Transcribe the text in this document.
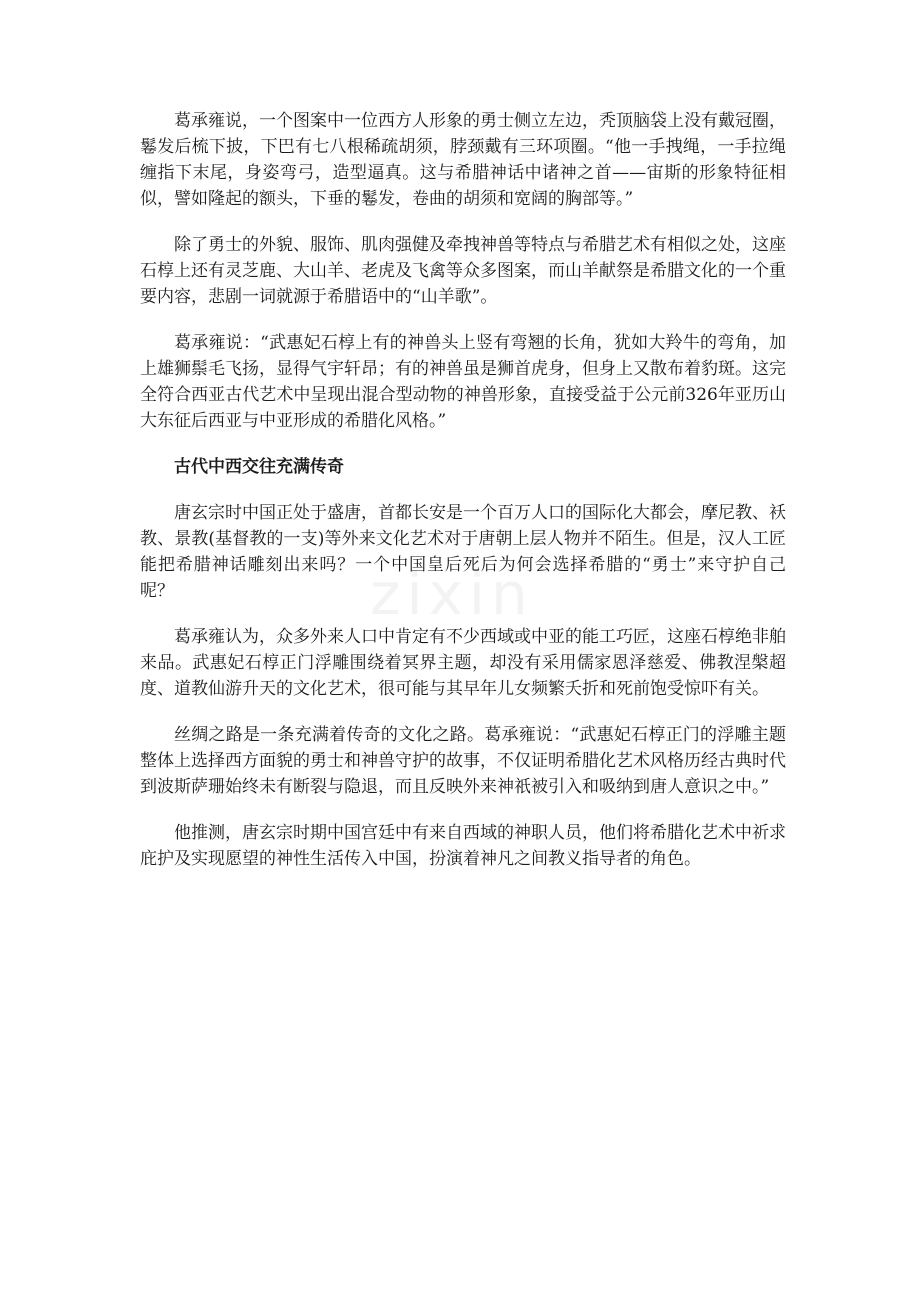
zixin

葛承雍说，一个图案中一位西方人形象的勇士侧立左边，秃顶脑袋上没有戴冠圈，鬈发后梳下披，下巴有七八根稀疏胡须，脖颈戴有三环项圈。“他一手拽绳，一手拉绳缠指下末尾，身姿弯弓，造型逼真。这与希腊神话中诸神之首——宙斯的形象特征相似，譬如隆起的额头，下垂的鬈发，卷曲的胡须和宽阔的胸部等。”

除了勇士的外貌、服饰、肌肉强健及牵拽神兽等特点与希腊艺术有相似之处，这座石椁上还有灵芝鹿、大山羊、老虎及飞禽等众多图案，而山羊献祭是希腊文化的一个重要内容，悲剧一词就源于希腊语中的“山羊歌”。

葛承雍说：“武惠妃石椁上有的神兽头上竖有弯翘的长角，犹如大羚牛的弯角，加上雄狮鬃毛飞扬，显得气宇轩昂；有的神兽虽是狮首虎身，但身上又散布着豹斑。这完全符合西亚古代艺术中呈现出混合型动物的神兽形象，直接受益于公元前326年亚历山大东征后西亚与中亚形成的希腊化风格。”

古代中西交往充满传奇

唐玄宗时中国正处于盛唐，首都长安是一个百万人口的国际化大都会，摩尼教、袄教、景教(基督教的一支)等外来文化艺术对于唐朝上层人物并不陌生。但是，汉人工匠能把希腊神话雕刻出来吗？一个中国皇后死后为何会选择希腊的“勇士”来守护自己呢？

葛承雍认为，众多外来人口中肯定有不少西域或中亚的能工巧匠，这座石椁绝非舶来品。武惠妃石椁正门浮雕围绕着冥界主题，却没有采用儒家恩泽慈爱、佛教涅槃超度、道教仙游升天的文化艺术，很可能与其早年儿女频繁夭折和死前饱受惊吓有关。

丝绸之路是一条充满着传奇的文化之路。葛承雍说：“武惠妃石椁正门的浮雕主题整体上选择西方面貌的勇士和神兽守护的故事，不仅证明希腊化艺术风格历经古典时代到波斯萨珊始终未有断裂与隐退，而且反映外来神祇被引入和吸纳到唐人意识之中。”

他推测，唐玄宗时期中国宫廷中有来自西域的神职人员，他们将希腊化艺术中祈求庇护及实现愿望的神性生活传入中国，扮演着神凡之间教义指导者的角色。
